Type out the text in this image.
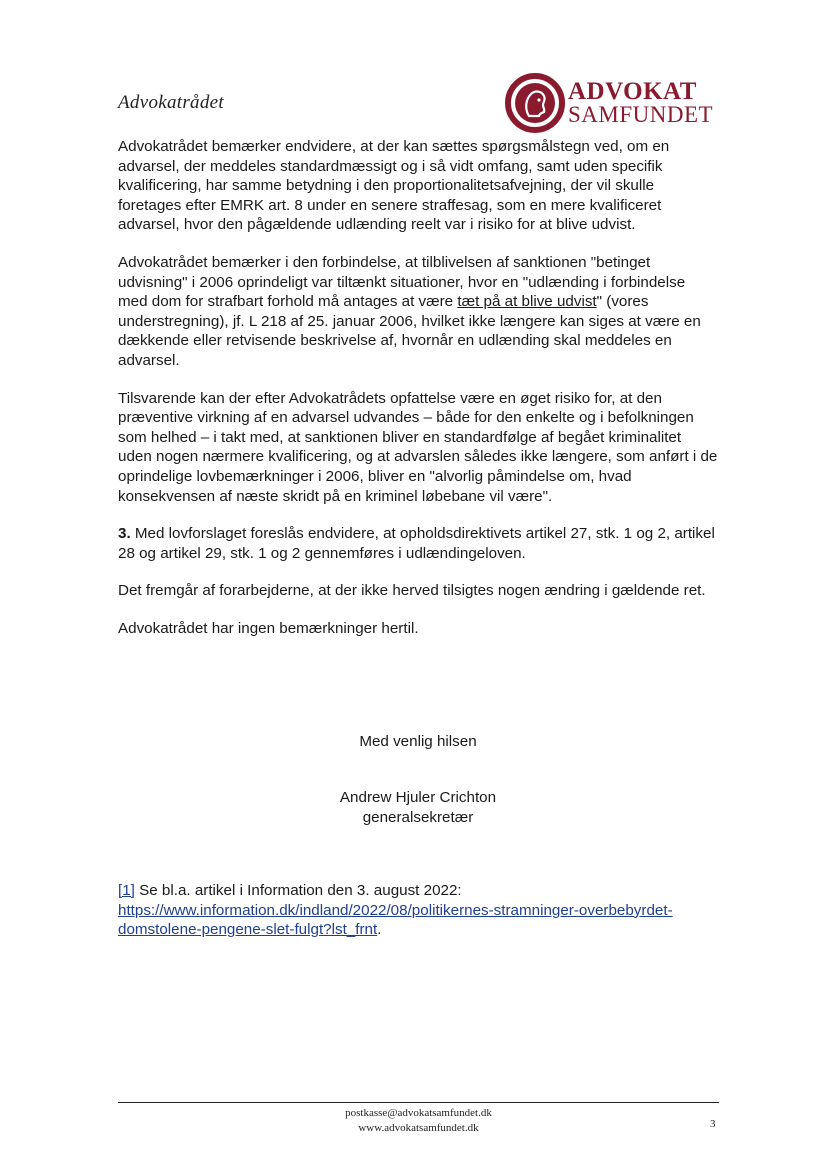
Advokatrådet	ADVOKAT
SAMFUNDET

Advokatrådet bemærker endvidere, at der kan sættes spørgsmålstegn ved, om en advarsel, der meddeles standardmæssigt og i så vidt omfang, samt uden specifik kvalificering, har samme betydning i den proportionalitetsafvejning, der vil skulle foretages efter EMRK art. 8 under en senere straffesag, som en mere kvalificeret advarsel, hvor den pågældende udlænding reelt var i risiko for at blive udvist.

Advokatrådet bemærker i den forbindelse, at tilblivelsen af sanktionen "betinget udvisning" i 2006 oprindeligt var tiltænkt situationer, hvor en "udlænding i forbindelse med dom for strafbart forhold må antages at være tæt på at blive udvist" (vores understregning), jf. L 218 af 25. januar 2006, hvilket ikke længere kan siges at være en dækkende eller retvisende beskrivelse af, hvornår en udlænding skal meddeles en advarsel.

Tilsvarende kan der efter Advokatrådets opfattelse være en øget risiko for, at den præventive virkning af en advarsel udvandes – både for den enkelte og i befolkningen som helhed – i takt med, at sanktionen bliver en standardfølge af begået kriminalitet uden nogen nærmere kvalificering, og at advarslen således ikke længere, som anført i de oprindelige lovbemærkninger i 2006, bliver en "alvorlig påmindelse om, hvad konsekvensen af næste skridt på en kriminel løbebane vil være".

3. Med lovforslaget foreslås endvidere, at opholdsdirektivets artikel 27, stk. 1 og 2, artikel 28 og artikel 29, stk. 1 og 2 gennemføres i udlændingeloven.

Det fremgår af forarbejderne, at der ikke herved tilsigtes nogen ændring i gældende ret.

Advokatrådet har ingen bemærkninger hertil.

Med venlig hilsen
Andrew Hjuler Crichton
generalsekretær
[1] Se bl.a. artikel i Information den 3. august 2022:
https://www.information.dk/indland/2022/08/politikernes-stramninger-overbebyrdet-
domstolene-pengene-slet-fulgt?lst_frnt.
postkasse@advokatsamfundet.dk
www.advokatsamfundet.dk	3
